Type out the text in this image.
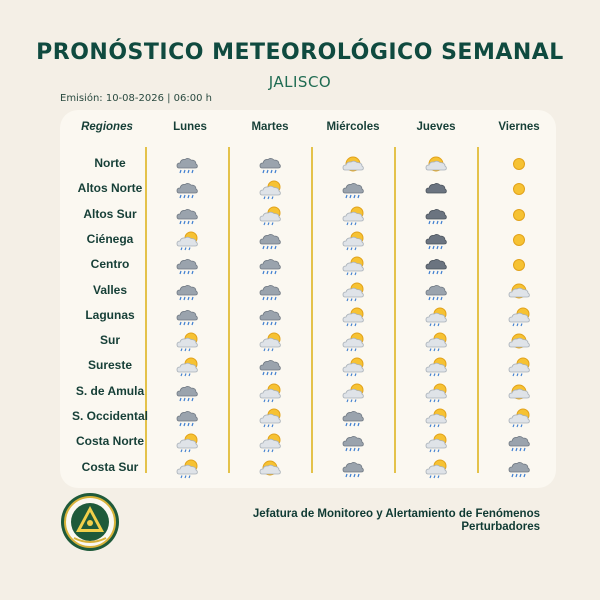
PRONÓSTICO METEOROLÓGICO SEMANAL
JALISCO
Emisión: 10-08-2026 | 06:00 h
Regiones	Lunes	Martes	Miércoles	Jueves	Viernes
Norte
Altos Norte
Altos Sur
Ciénega
Centro
Valles
Lagunas
Sur
Sureste
S. de Amula
S. Occidental
Costa Norte
Costa Sur
Jefatura de Monitoreo y Alertamiento de Fenómenos
Perturbadores
